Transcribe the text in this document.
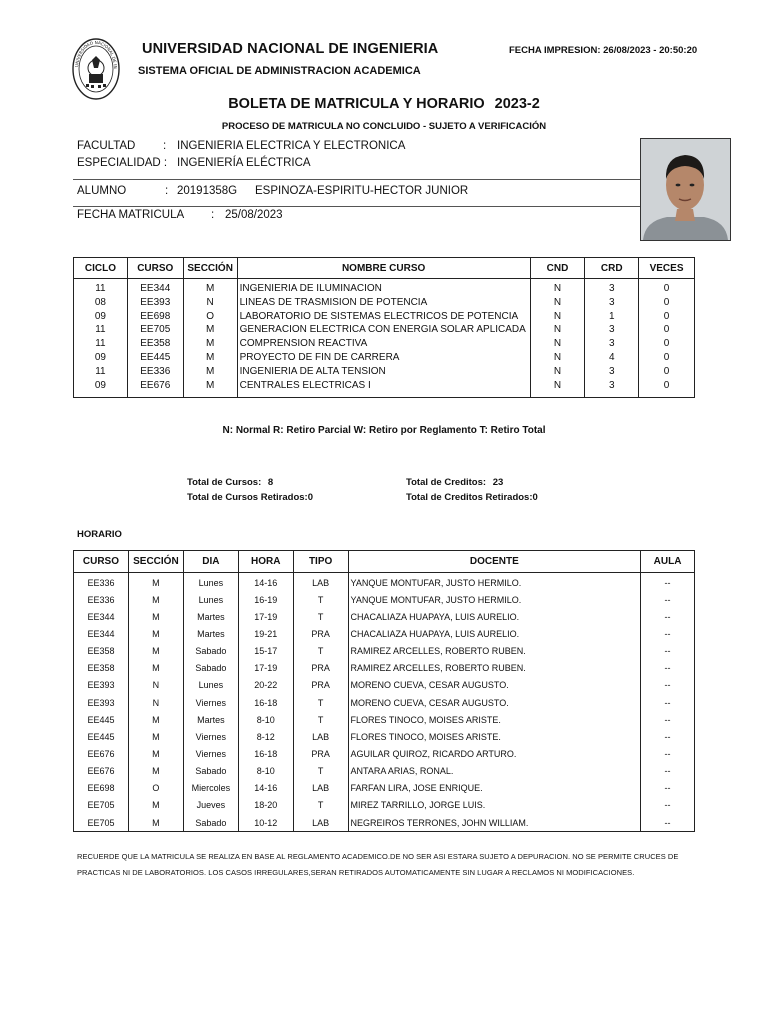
UNIVERSIDAD NACIONAL DE IN
UNIVERSIDAD NACIONAL DE INGENIERIA
SISTEMA OFICIAL DE ADMINISTRACION ACADEMICA
FECHA IMPRESION: 26/08/2023 - 20:50:20
BOLETA DE MATRICULA Y HORARIO 2023-2
PROCESO DE MATRICULA NO CONCLUIDO - SUJETO A VERIFICACIÓN
FACULTAD : INGENIERIA ELECTRICA Y ELECTRONICA
ESPECIALIDAD : INGENIERÍA ELÉCTRICA
ALUMNO	: 20191358G ESPINOZA-ESPIRITU-HECTOR JUNIOR
FECHA MATRICULA : 25/08/2023
CICLO	CURSO	SECCIÓN	NOMBRE CURSO	CND	CRD	VECES
11	EE344	M	INGENIERIA DE ILUMINACION	N	3	0
08	EE393	N	LINEAS DE TRASMISION DE POTENCIA	N	3	0
09	EE698	O	LABORATORIO DE SISTEMAS ELECTRICOS DE POTENCIA	N	1	0
11	EE705	M	GENERACION ELECTRICA CON ENERGIA SOLAR APLICADA	N	3	0
11	EE358	M	COMPRENSION REACTIVA	N	3	0
09	EE445	M	PROYECTO DE FIN DE CARRERA	N	4	0
11	EE336	M	INGENIERIA DE ALTA TENSION	N	3	0
09	EE676	M	CENTRALES ELECTRICAS I	N	3	0
N: Normal R: Retiro Parcial W: Retiro por Reglamento T: Retiro Total
Total de Cursos: 8
Total de Cursos Retirados:0
Total de Creditos: 23
Total de Creditos Retirados:0
HORARIO
CURSO	SECCIÓN	DIA	HORA	TIPO	DOCENTE	AULA
EE336	M	Lunes	14-16	LAB	YANQUE MONTUFAR, JUSTO HERMILO.	--
EE336	M	Lunes	16-19	T	YANQUE MONTUFAR, JUSTO HERMILO.	--
EE344	M	Martes	17-19	T	CHACALIAZA HUAPAYA, LUIS AURELIO.	--
EE344	M	Martes	19-21	PRA	CHACALIAZA HUAPAYA, LUIS AURELIO.	--
EE358	M	Sabado	15-17	T	RAMIREZ ARCELLES, ROBERTO RUBEN.	--
EE358	M	Sabado	17-19	PRA	RAMIREZ ARCELLES, ROBERTO RUBEN.	--
EE393	N	Lunes	20-22	PRA	MORENO CUEVA, CESAR AUGUSTO.	--
EE393	N	Viernes	16-18	T	MORENO CUEVA, CESAR AUGUSTO.	--
EE445	M	Martes	8-10	T	FLORES TINOCO, MOISES ARISTE.	--
EE445	M	Viernes	8-12	LAB	FLORES TINOCO, MOISES ARISTE.	--
EE676	M	Viernes	16-18	PRA	AGUILAR QUIROZ, RICARDO ARTURO.	--
EE676	M	Sabado	8-10	T	ANTARA ARIAS, RONAL.	--
EE698	O	Miercoles	14-16	LAB	FARFAN LIRA, JOSE ENRIQUE.	--
EE705	M	Jueves	18-20	T	MIREZ TARRILLO, JORGE LUIS.	--
EE705	M	Sabado	10-12	LAB	NEGREIROS TERRONES, JOHN WILLIAM.	--
RECUERDE QUE LA MATRICULA SE REALIZA EN BASE AL REGLAMENTO ACADEMICO.DE NO SER ASI ESTARA SUJETO A DEPURACION. NO SE PERMITE CRUCES DE
PRACTICAS NI DE LABORATORIOS. LOS CASOS IRREGULARES,SERAN RETIRADOS AUTOMATICAMENTE SIN LUGAR A RECLAMOS NI MODIFICACIONES.
